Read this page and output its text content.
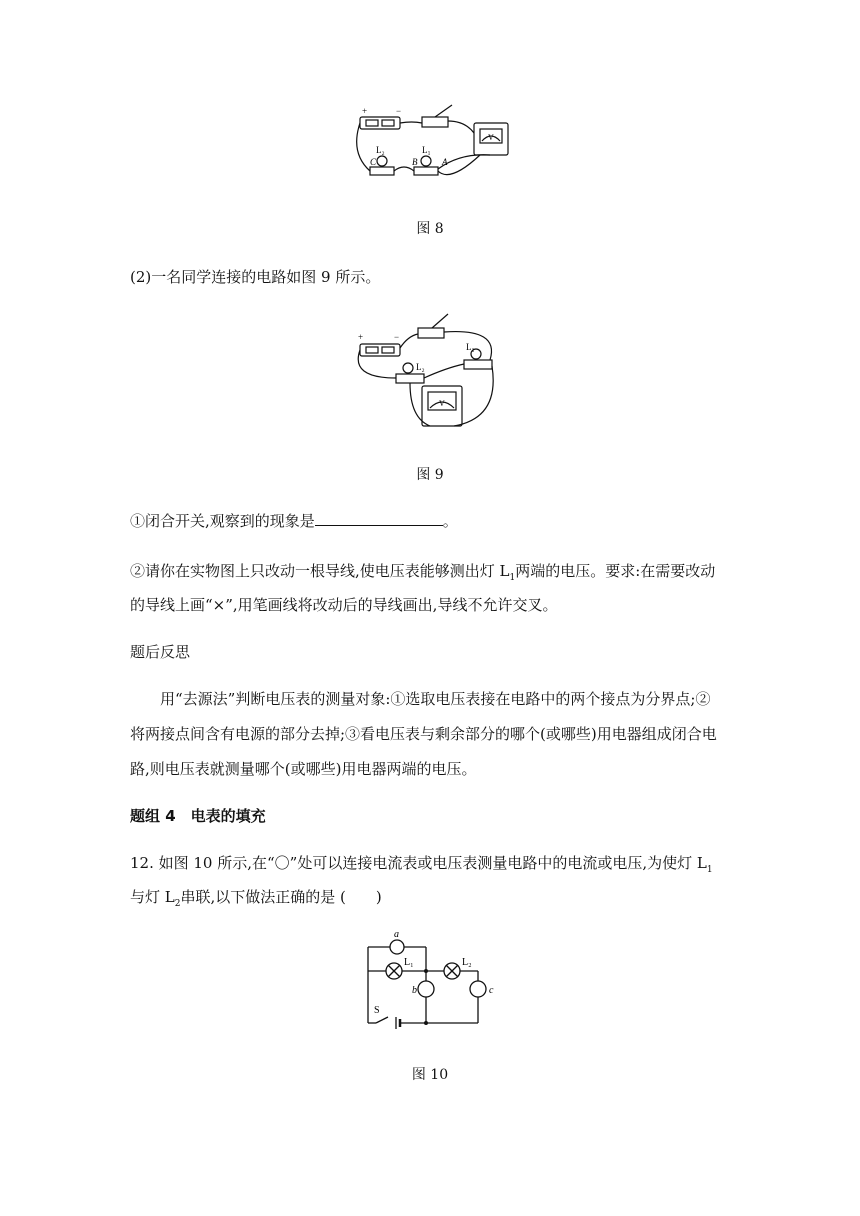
+	−
L₂	L₁
C	B	A
V
图 8
(2)一名同学连接的电路如图 9 所示。
+	−
L₁
L₂
V
图 9
①闭合开关,观察到的现象是	。
②请你在实物图上只改动一根导线,使电压表能够测出灯 $L_1$两端的电压。要求:在需要改动
的导线上画“×”,用笔画线将改动后的导线画出,导线不允许交叉。
题后反思
用“去源法”判断电压表的测量对象:①选取电压表接在电路中的两个接点为分界点;②
将两接点间含有电源的部分去掉;③看电压表与剩余部分的哪个(或哪些)用电器组成闭合电
路,则电压表就测量哪个(或哪些)用电器两端的电压。
题组 4　电表的填充
12. 如图 10 所示,在“〇”处可以连接电流表或电压表测量电路中的电流或电压,为使灯 $L_1$
与灯 $L_2$串联,以下做法正确的是 (　　)
a
L₁	L₂
b	c
S
图 10
